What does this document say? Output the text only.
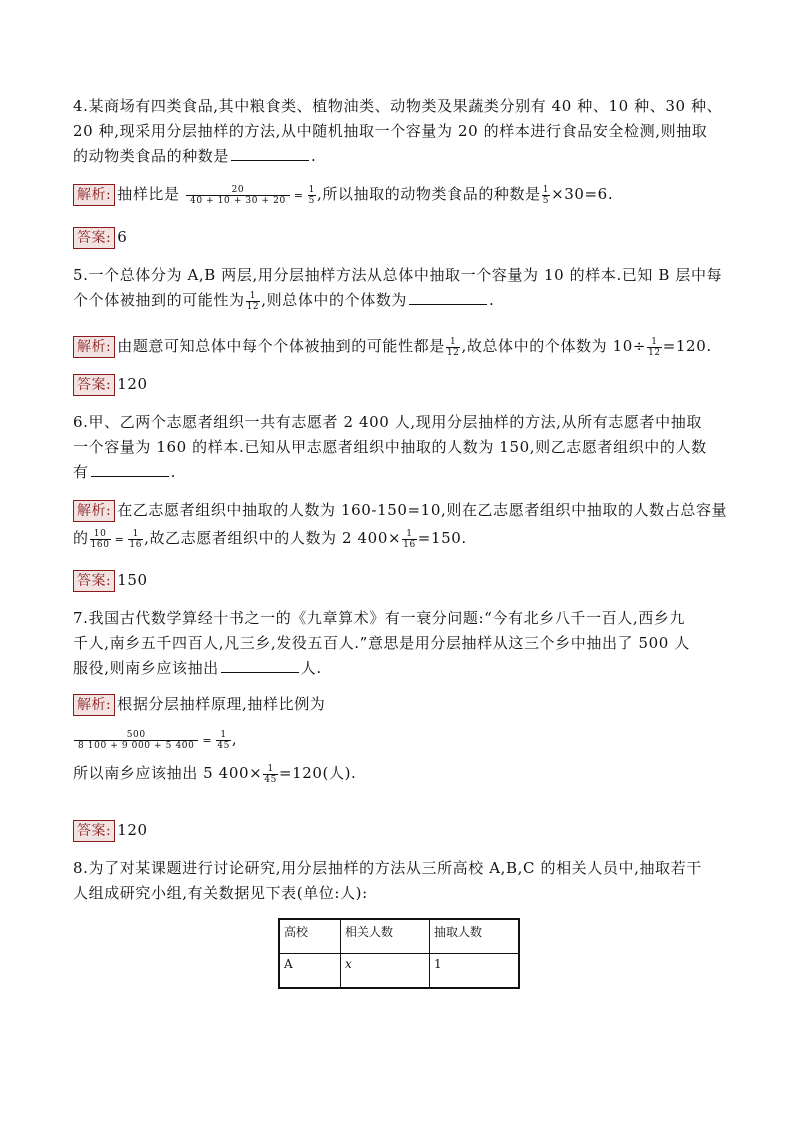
4.某商场有四类食品,其中粮食类、植物油类、动物类及果蔬类分别有 40 种、10 种、30 种、
20 种,现采用分层抽样的方法,从中随机抽取一个容量为 20 的样本进行食品安全检测,则抽取
的动物类食品的种数是	.
解析: 抽样比是 $\frac{20}{40 + 10 + 30 + 20} = \frac{1}{5}$ ,所以抽取的动物类食品的种数是 $\frac{1}{5} \times 30=6$.
答案: 6
5.一个总体分为 A,B 两层,用分层抽样方法从总体中抽取一个容量为 10 的样本.已知 B 层中每
个个体被抽到的可能性为 $\frac{1}{12}$ ,则总体中的个体数为	.
解析: 由题意可知总体中每个个体被抽到的可能性都是 $\frac{1}{12}$ ,故总体中的个体数为 $10\div \frac{1}{12} =120$.
答案: 120
6.甲、乙两个志愿者组织一共有志愿者 2 400 人,现用分层抽样的方法,从所有志愿者中抽取
一个容量为 160 的样本.已知从甲志愿者组织中抽取的人数为 150,则乙志愿者组织中的人数
有	.
解析: 在乙志愿者组织中抽取的人数为 160-150=10,则在乙志愿者组织中抽取的人数占总容量
的 $\frac{10}{160} = \frac{1}{16}$ ,故乙志愿者组织中的人数为 2 $400\times \frac{1}{16} =150$.
答案: 150
7.我国古代数学算经十书之一的《九章算术》有一衰分问题:“今有北乡八千一百人,西乡九
千人,南乡五千四百人,凡三乡,发役五百人.”意思是用分层抽样从这三个乡中抽出了 500 人
服役,则南乡应该抽出	人.
解析: 根据分层抽样原理,抽样比例为
$\frac{500}{8 100 + 9 000 + 5 400} = \frac{1}{45}$ ,
所以南乡应该抽出 5 $400\times \frac{1}{45} =120$(人).
答案: 120
8.为了对某课题进行讨论研究,用分层抽样的方法从三所高校 A,B,C 的相关人员中,抽取若干
人组成研究小组,有关数据见下表(单位:人):
高校	相关人数	抽取人数
A	x	1
